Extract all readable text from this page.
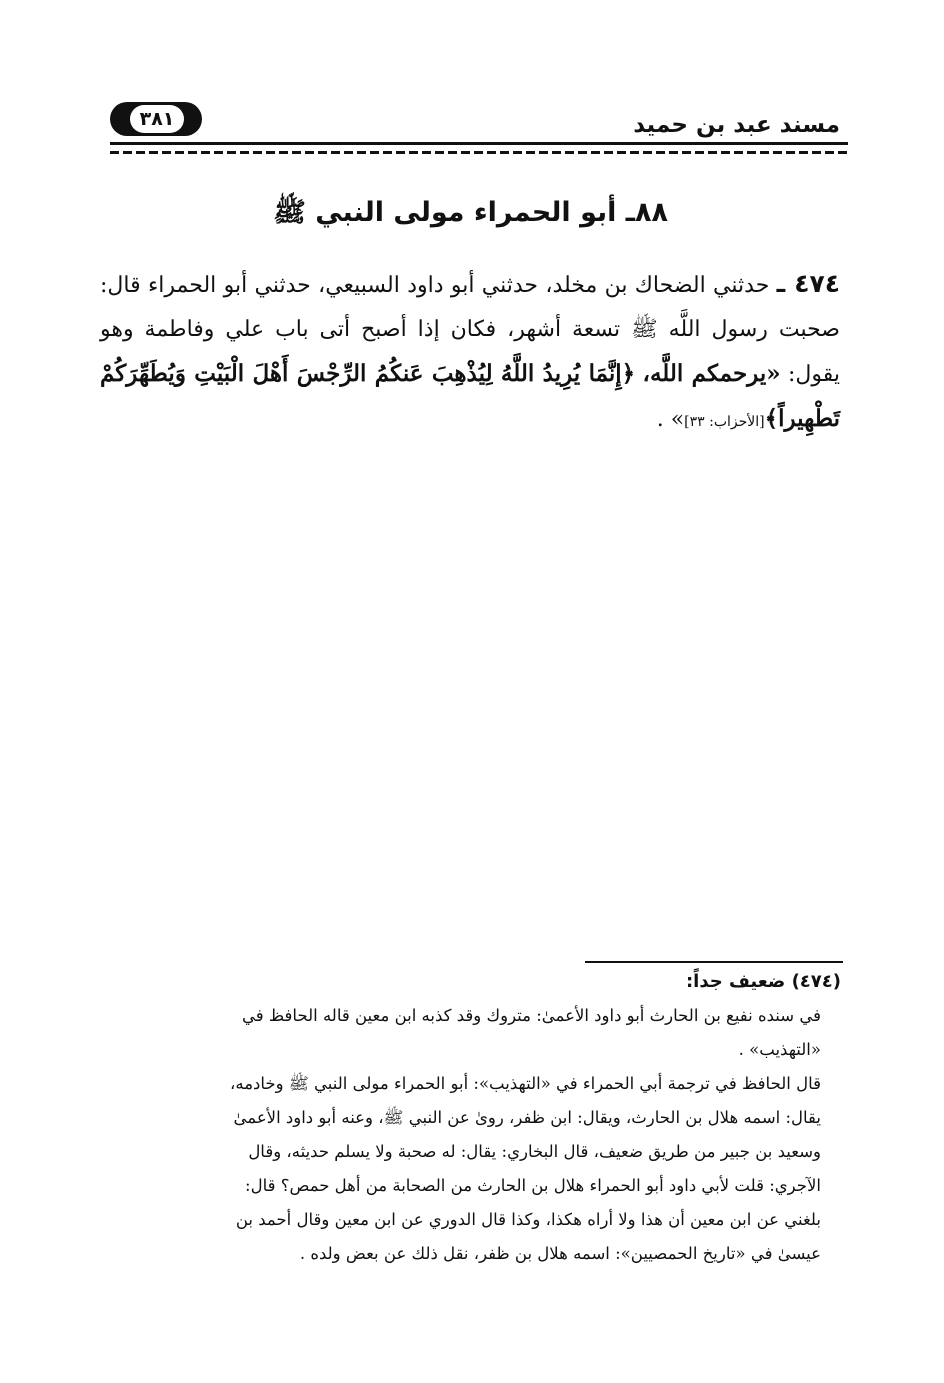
مسند عبد بن حميد
٣٨١
٨٨ـ أبو الحمراء مولى النبي ﷺ
٤٧٤ ـ حدثني الضحاك بن مخلد، حدثني أبو داود السبيعي، حدثني أبو الحمراء قال: صحبت رسول اللَّه ﷺ تسعة أشهر، فكان إذا أصبح أتى باب علي وفاطمة وهو يقول: «يرحمكم اللَّه، ﴿إِنَّمَا يُرِيدُ اللَّهُ لِيُذْهِبَ عَنكُمُ الرِّجْسَ أَهْلَ الْبَيْتِ وَيُطَهِّرَكُمْ تَطْهِيراً﴾[الأحزاب: ٣٣]» .
(٤٧٤) ضعيف جداً:
في سنده نفيع بن الحارث أبو داود الأعمىٰ: متروك وقد كذبه ابن معين قاله الحافظ في
«التهذيب» .
قال الحافظ في ترجمة أبي الحمراء في «التهذيب»: أبو الحمراء مولى النبي ﷺ وخادمه،
يقال: اسمه هلال بن الحارث، ويقال: ابن ظفر، روىٰ عن النبي ﷺ، وعنه أبو داود الأعمىٰ
وسعيد بن جبير من طريق ضعيف، قال البخاري: يقال: له صحبة ولا يسلم حديثه، وقال
الآجري: قلت لأبي داود أبو الحمراء هلال بن الحارث من الصحابة من أهل حمص؟ قال:
بلغني عن ابن معين أن هذا ولا أراه هكذا، وكذا قال الدوري عن ابن معين وقال أحمد بن
عيسىٰ في «تاريخ الحمصيين»: اسمه هلال بن ظفر، نقل ذلك عن بعض ولده .
